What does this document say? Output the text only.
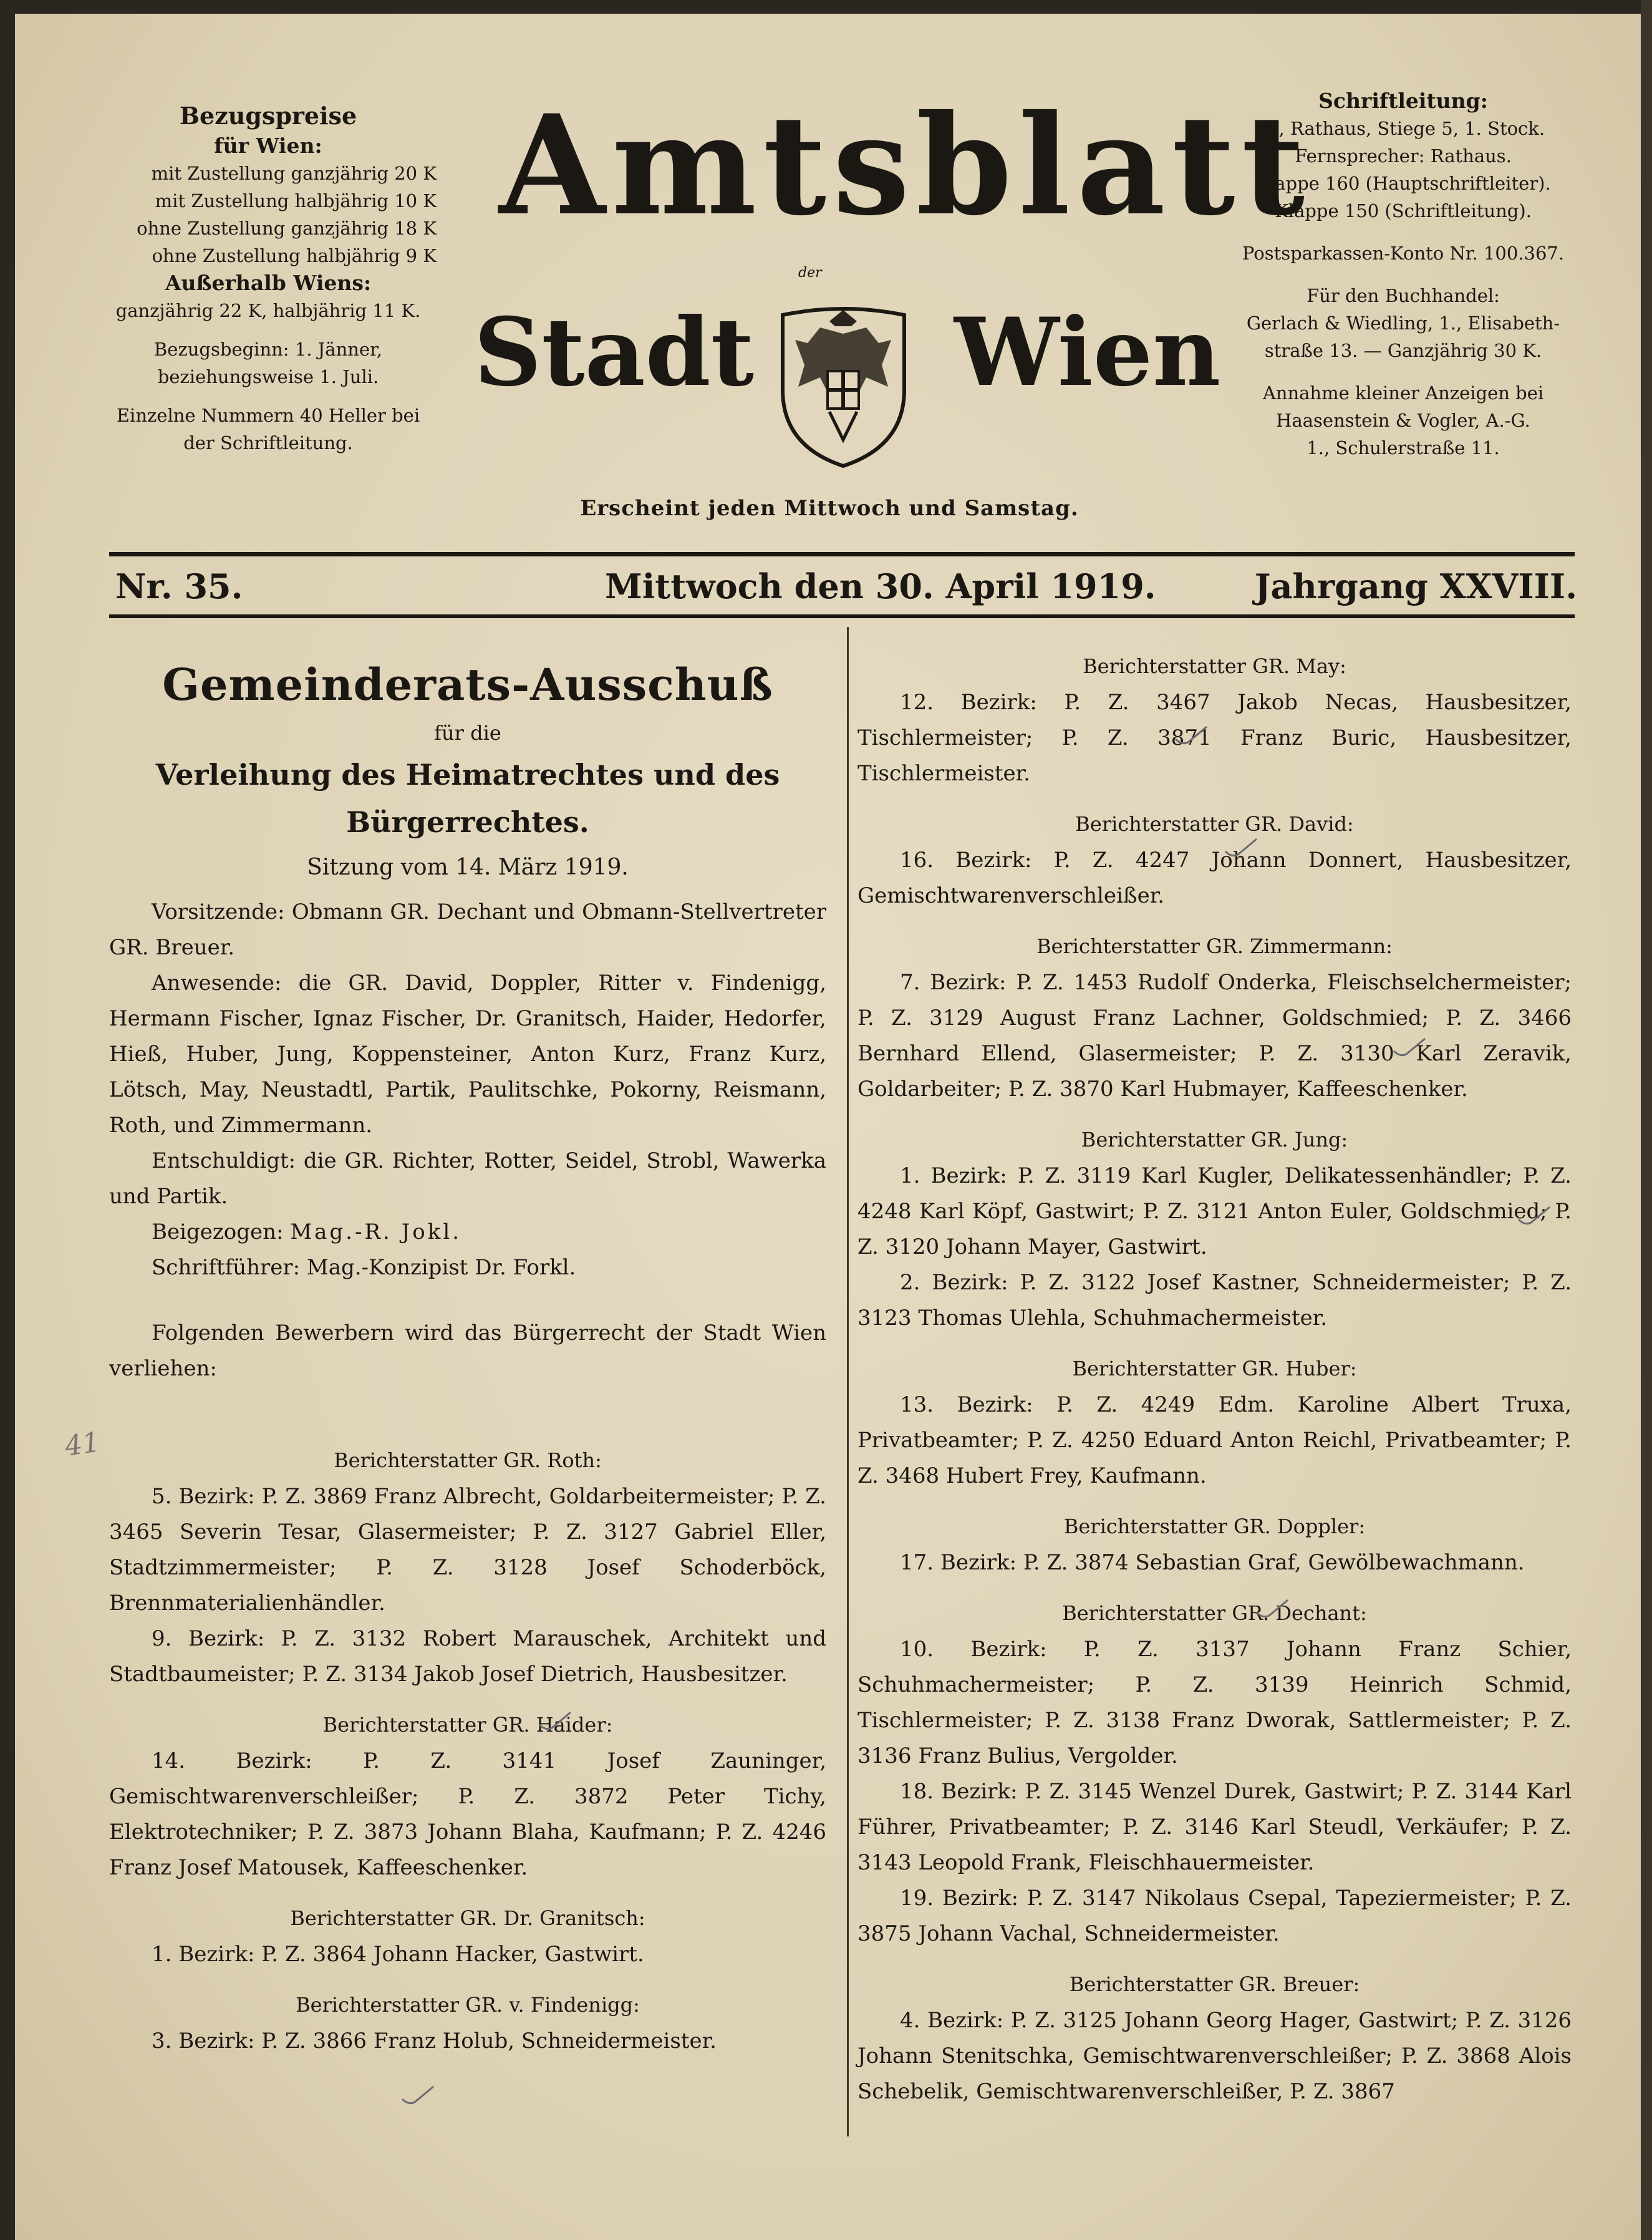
Bezugspreise
für Wien:
mit Zustellung ganzjährig 20 K
mit Zustellung halbjährig 10 K
ohne Zustellung ganzjährig 18 K
ohne Zustellung halbjährig 9 K
Außerhalb Wiens:
ganzjährig 22 K, halbjährig 11 K.
Bezugsbeginn: 1. Jänner,
beziehungsweise 1. Juli.
Einzelne Nummern 40 Heller bei
der Schriftleitung.
Amtsblatt
der
Stadt Wien
Erscheint jeden Mittwoch und Samstag.
Schriftleitung:
1., Rathaus, Stiege 5, 1. Stock.
Fernsprecher: Rathaus.
Klappe 160 (Hauptschriftleiter).
Klappe 150 (Schriftleitung).
Postsparkassen-Konto Nr. 100.367.
Für den Buchhandel:
Gerlach & Wiedling, 1., Elisabeth-
straße 13. — Ganzjährig 30 K.
Annahme kleiner Anzeigen bei
Haasenstein & Vogler, A.-G.
1., Schulerstraße 11.
Nr. 35.	Mittwoch den 30. April 1919.	Jahrgang XXVIII.
41
Gemeinderats-Ausschuß
für die
Verleihung des Heimatrechtes und des Bürgerrechtes.
Sitzung vom 14. März 1919.
Vorsitzende: Obmann GR. Dechant und Obmann-Stellvertreter GR. Breuer.
Anwesende: die GR. David, Doppler, Ritter v. Findenigg, Hermann Fischer, Ignaz Fischer, Dr. Granitsch, Haider, Hedorfer, Hieß, Huber, Jung, Koppensteiner, Anton Kurz, Franz Kurz, Lötsch, May, Neustadtl, Partik, Paulitschke, Pokorny, Reismann, Roth, und Zimmermann.
Entschuldigt: die GR. Richter, Rotter, Seidel, Strobl, Wawerka und Partik.
Beigezogen: Mag.-R. Jokl.
Schriftführer: Mag.-Konzipist Dr. Forkl.
Folgenden Bewerbern wird das Bürgerrecht der Stadt Wien verliehen:
Berichterstatter GR. Roth:
5. Bezirk: P. Z. 3869 Franz Albrecht, Goldarbeitermeister; P. Z. 3465 Severin Tesar, Glasermeister; P. Z. 3127 Gabriel Eller, Stadtzimmermeister; P. Z. 3128 Josef Schoderböck, Brennmaterialienhändler.
9. Bezirk: P. Z. 3132 Robert Marauschek, Architekt und Stadtbaumeister; P. Z. 3134 Jakob Josef Dietrich, Hausbesitzer.
Berichterstatter GR. Haider:
14. Bezirk: P. Z. 3141 Josef Zauninger, Gemischtwarenverschleißer; P. Z. 3872 Peter Tichy, Elektrotechniker; P. Z. 3873 Johann Blaha, Kaufmann; P. Z. 4246 Franz Josef Matousek, Kaffeeschenker.
Berichterstatter GR. Dr. Granitsch:
1. Bezirk: P. Z. 3864 Johann Hacker, Gastwirt.
Berichterstatter GR. v. Findenigg:
3. Bezirk: P. Z. 3866 Franz Holub, Schneidermeister.
Berichterstatter GR. May:
12. Bezirk: P. Z. 3467 Jakob Necas, Hausbesitzer, Tischlermeister; P. Z. 3871 Franz Buric, Hausbesitzer, Tischlermeister.
Berichterstatter GR. David:
16. Bezirk: P. Z. 4247 Johann Donnert, Hausbesitzer, Gemischtwarenverschleißer.
Berichterstatter GR. Zimmermann:
7. Bezirk: P. Z. 1453 Rudolf Onderka, Fleischselchermeister; P. Z. 3129 August Franz Lachner, Goldschmied; P. Z. 3466 Bernhard Ellend, Glasermeister; P. Z. 3130 Karl Zeravik, Goldarbeiter; P. Z. 3870 Karl Hubmayer, Kaffeeschenker.
Berichterstatter GR. Jung:
1. Bezirk: P. Z. 3119 Karl Kugler, Delikatessenhändler; P. Z. 4248 Karl Köpf, Gastwirt; P. Z. 3121 Anton Euler, Goldschmied; P. Z. 3120 Johann Mayer, Gastwirt.
2. Bezirk: P. Z. 3122 Josef Kastner, Schneidermeister; P. Z. 3123 Thomas Ulehla, Schuhmachermeister.
Berichterstatter GR. Huber:
13. Bezirk: P. Z. 4249 Edm. Karoline Albert Truxa, Privatbeamter; P. Z. 4250 Eduard Anton Reichl, Privatbeamter; P. Z. 3468 Hubert Frey, Kaufmann.
Berichterstatter GR. Doppler:
17. Bezirk: P. Z. 3874 Sebastian Graf, Gewölbewachmann.
Berichterstatter GR. Dechant:
10. Bezirk: P. Z. 3137 Johann Franz Schier, Schuhmachermeister; P. Z. 3139 Heinrich Schmid, Tischlermeister; P. Z. 3138 Franz Dworak, Sattlermeister; P. Z. 3136 Franz Bulius, Vergolder.
18. Bezirk: P. Z. 3145 Wenzel Durek, Gastwirt; P. Z. 3144 Karl Führer, Privatbeamter; P. Z. 3146 Karl Steudl, Verkäufer; P. Z. 3143 Leopold Frank, Fleischhauermeister.
19. Bezirk: P. Z. 3147 Nikolaus Csepal, Tapeziermeister; P. Z. 3875 Johann Vachal, Schneidermeister.
Berichterstatter GR. Breuer:
4. Bezirk: P. Z. 3125 Johann Georg Hager, Gastwirt; P. Z. 3126 Johann Stenitschka, Gemischtwarenverschleißer; P. Z. 3868 Alois Schebelik, Gemischtwarenverschleißer, P. Z. 3867
